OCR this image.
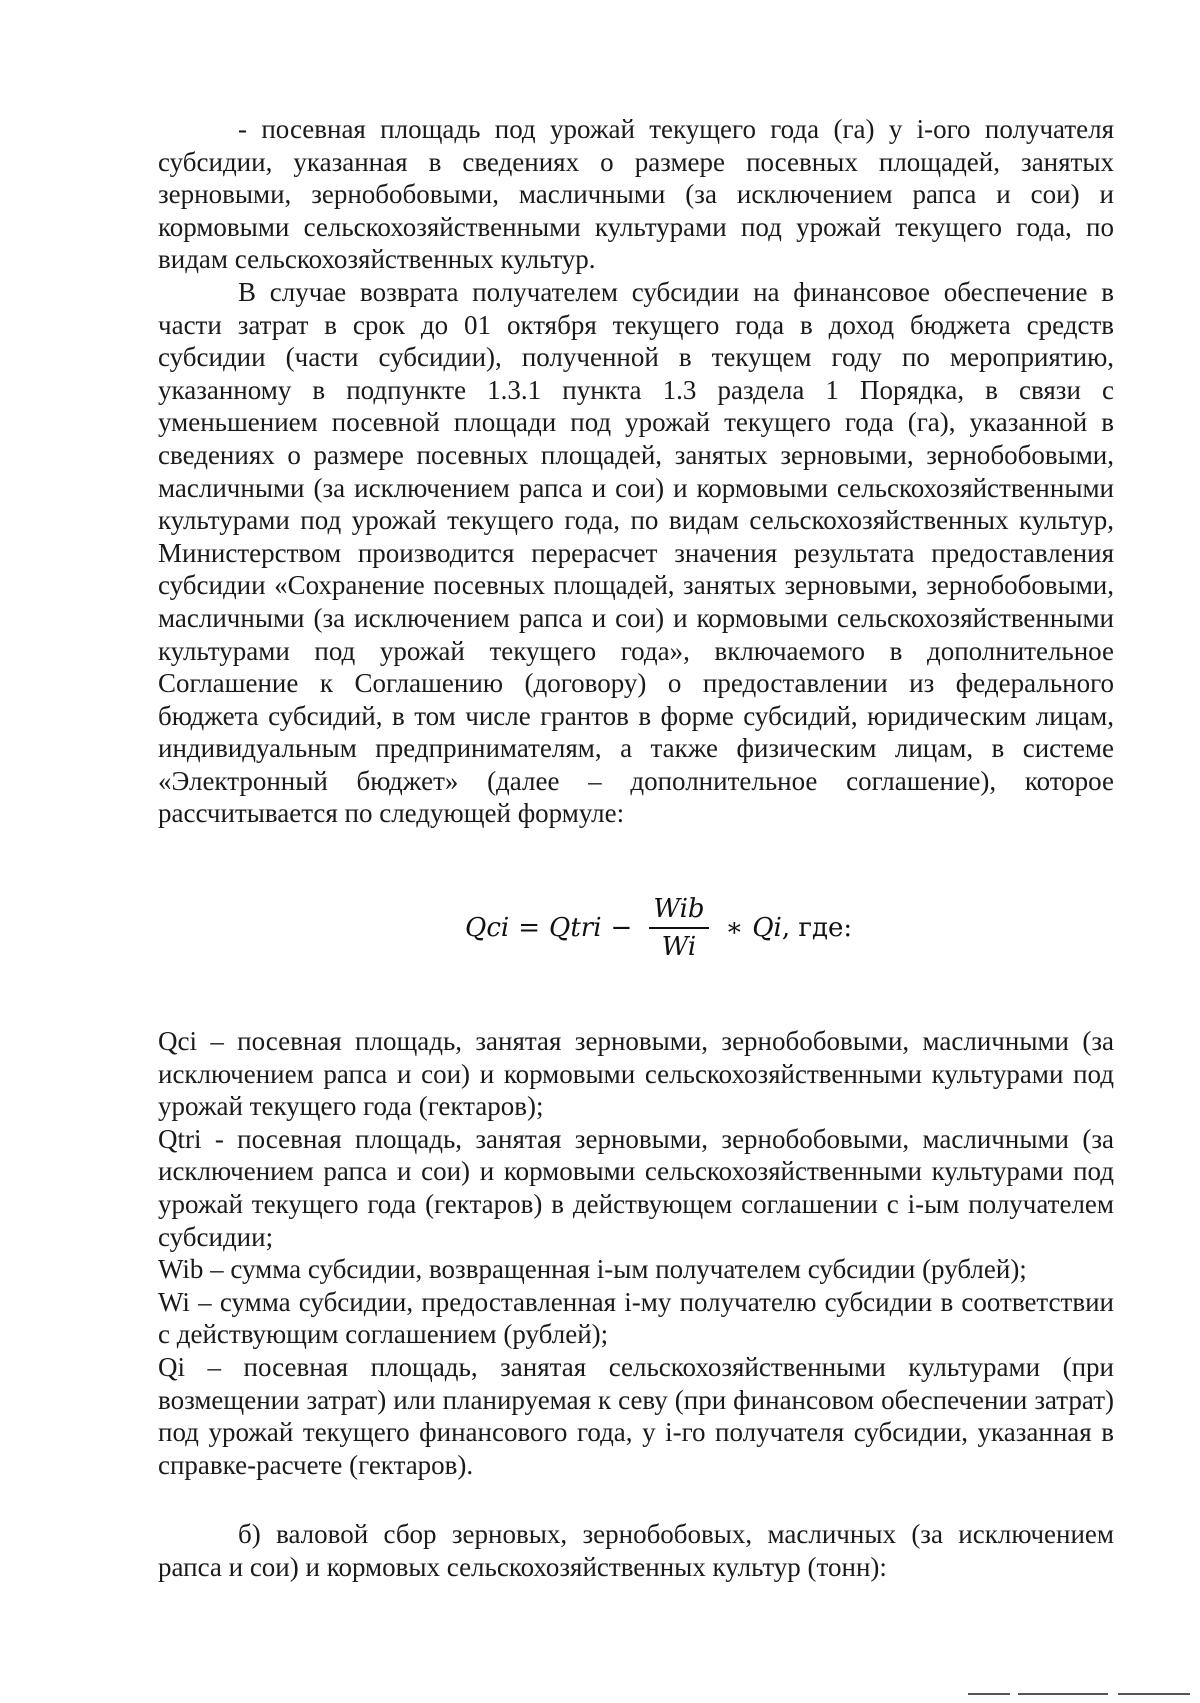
- посевная площадь под урожай текущего года (га) у i-ого получателя субсидии, указанная в сведениях о размере посевных площадей, занятых зерновыми, зернобобовыми, масличными (за исключением рапса и сои) и кормовыми сельскохозяйственными культурами под урожай текущего года, по видам сельскохозяйственных культур.

В случае возврата получателем субсидии на финансовое обеспечение в части затрат в срок до 01 октября текущего года в доход бюджета средств субсидии (части субсидии), полученной в текущем году по мероприятию, указанному в подпункте 1.3.1 пункта 1.3 раздела 1 Порядка, в связи с уменьшением посевной площади под урожай текущего года (га), указанной в сведениях о размере посевных площадей, занятых зерновыми, зернобобовыми, масличными (за исключением рапса и сои) и кормовыми сельскохозяйственными культурами под урожай текущего года, по видам сельскохозяйственных культур, Министерством производится перерасчет значения результата предоставления субсидии «Сохранение посевных площадей, занятых зерновыми, зернобобовыми, масличными (за исключением рапса и сои) и кормовыми сельскохозяйственными культурами под урожай текущего года», включаемого в дополнительное Соглашение к Соглашению (договору) о предоставлении из федерального бюджета субсидий, в том числе грантов в форме субсидий, юридическим лицам, индивидуальным предпринимателям, а также физическим лицам, в системе «Электронный бюджет» (далее – дополнительное соглашение), которое рассчитывается по следующей формуле:

Qci = Qtri − $\frac{\text{Wib}}{Wi}$ ∗ Qi , где:

Qci – посевная площадь, занятая зерновыми, зернобобовыми, масличными (за исключением рапса и сои) и кормовыми сельскохозяйственными культурами под урожай текущего года (гектаров);

Qtri - посевная площадь, занятая зерновыми, зернобобовыми, масличными (за исключением рапса и сои) и кормовыми сельскохозяйственными культурами под урожай текущего года (гектаров) в действующем соглашении с i-ым получателем субсидии;

Wib – сумма субсидии, возвращенная i-ым получателем субсидии (рублей);

Wi – сумма субсидии, предоставленная i-му получателю субсидии в соответствии с действующим соглашением (рублей);

Qi – посевная площадь, занятая сельскохозяйственными культурами (при возмещении затрат) или планируемая к севу (при финансовом обеспечении затрат) под урожай текущего финансового года, у i-го получателя субсидии, указанная в справке-расчете (гектаров).

б) валовой сбор зерновых, зернобобовых, масличных (за исключением рапса и сои) и кормовых сельскохозяйственных культур (тонн):
